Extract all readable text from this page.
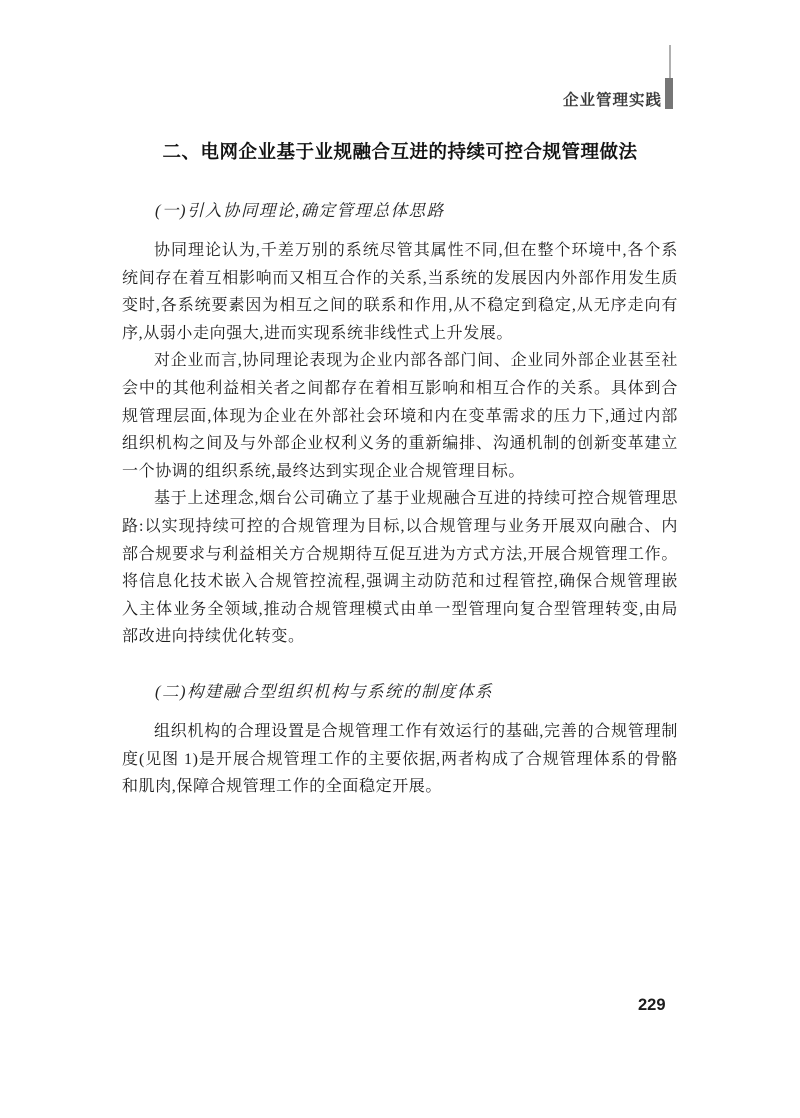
企业管理实践
二、电网企业基于业规融合互进的持续可控合规管理做法
(一)引入协同理论,确定管理总体思路

协同理论认为,千差万别的系统尽管其属性不同,但在整个环境中,各个系统间存在着互相影响而又相互合作的关系,当系统的发展因内外部作用发生质变时,各系统要素因为相互之间的联系和作用,从不稳定到稳定,从无序走向有序,从弱小走向强大,进而实现系统非线性式上升发展。

对企业而言,协同理论表现为企业内部各部门间、企业同外部企业甚至社会中的其他利益相关者之间都存在着相互影响和相互合作的关系。具体到合规管理层面,体现为企业在外部社会环境和内在变革需求的压力下,通过内部组织机构之间及与外部企业权利义务的重新编排、沟通机制的创新变革建立一个协调的组织系统,最终达到实现企业合规管理目标。

基于上述理念,烟台公司确立了基于业规融合互进的持续可控合规管理思路:以实现持续可控的合规管理为目标,以合规管理与业务开展双向融合、内部合规要求与利益相关方合规期待互促互进为方式方法,开展合规管理工作。将信息化技术嵌入合规管控流程,强调主动防范和过程管控,确保合规管理嵌入主体业务全领域,推动合规管理模式由单一型管理向复合型管理转变,由局部改进向持续优化转变。

(二)构建融合型组织机构与系统的制度体系

组织机构的合理设置是合规管理工作有效运行的基础,完善的合规管理制度(见图 1)是开展合规管理工作的主要依据,两者构成了合规管理体系的骨骼和肌肉,保障合规管理工作的全面稳定开展。

229
